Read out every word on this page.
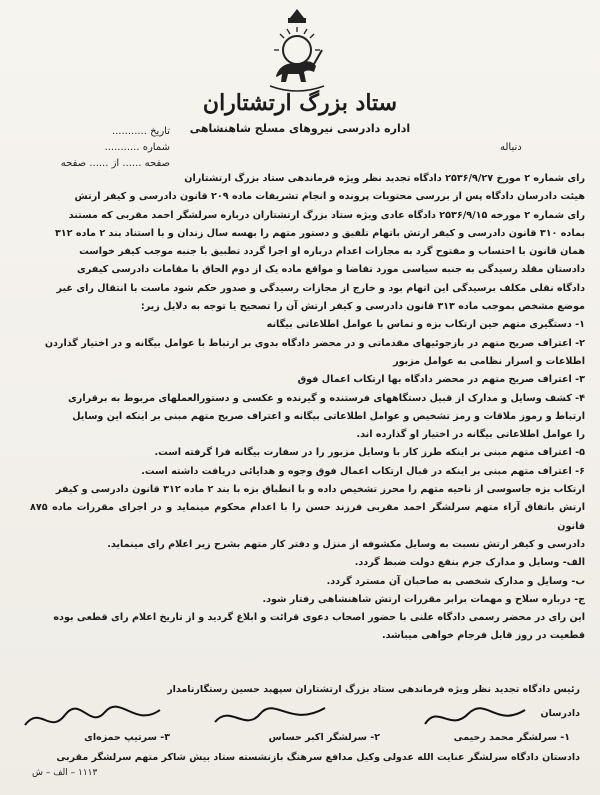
ستاد بزرگ ارتشتاران
اداره دادرسی نیروهای مسلح شاهنشاهی
تاریخ ...........
شماره ...........
صفحه ...... از ...... صفحه
دنباله

رای شماره ۲ مورخ ۲۵۳۶/۹/۲۷ دادگاه تجدید نظر ویژه فرماندهی ستاد بزرگ ارتشتاران

هیئت دادرسان دادگاه پس از بررسی محتویات پرونده و انجام تشریفات ماده ۲۰۹ قانون دادرسی و کیفر ارتش

رای شماره ۲ مورخه ۲۵۳۶/۹/۱۵ دادگاه عادی ویژه ستاد بزرگ ارتشتاران درباره سرلشگر احمد مقربی که مستند

بماده ۳۱۰ قانون دادرسی و کیفر ارتش باتهام تلفیق و دستور متهم را بهسه سال زندان و با استناد بند ۲ ماده ۳۱۲

همان قانون با احتساب و مفتوح گرد به مجازات اعدام درباره او اجرا گردد تطبیق با جنبه موجب کیفر خواست

دادستان مقلد رسیدگی به جنبه سیاسی مورد تقاضا و مواقع ماده یک از دوم الحاق با مقامات دادرسی کیفری

دادگاه نقلی مکلف برسیدگی این اتهام بود و خارج از مجازات رسیدگی و صدور حکم شود ماست با انتقال رای غیر

موضع مشخص بموجب ماده ۳۱۳ قانون دادرسی و کیفر ارتش آن را تصحیح یا توجه به دلایل زیر:

۱- دستگیری متهم حین ارتکاب بزه و تماس با عوامل اطلاعاتی بیگانه

۲- اعتراف صریح متهم در بازجوئیهای مقدماتی و در محضر دادگاه بدوی بر ارتباط با عوامل بیگانه و در اختیار گذاردن

اطلاعات و اسرار نظامی به عوامل مزبور

۳- اعتراف صریح متهم در محضر دادگاه بها ارتکاب اعمال فوق

۴- کشف وسایل و مدارک از قبیل دستگاههای فرستنده و گیرنده و عکسی و دستورالعملهای مربوط به برقراری

ارتباط و رموز ملاقات و رمز تشخیص و عوامل اطلاعاتی بیگانه و اعتراف صریح متهم مبنی بر اینکه این وسایل

را عوامل اطلاعاتی بیگانه در اختیار او گذارده اند.

۵- اعتراف متهم مبنی بر اینکه طرز کار با وسایل مزبور را در سفارت بیگانه فرا گرفته است.

۶- اعتراف متهم مبنی بر اینکه در قبال ارتکاب اعمال فوق وجوه و هدایائی دریافت داشته است.

ارتکاب بزه جاسوسی از ناحیه متهم را محرز تشخیص داده و با انطباق بزه با بند ۲ ماده ۳۱۲ قانون دادرسی و کیفر

ارتش باتفاق آراء متهم سرلشگر احمد مقربی فرزند حسن را با اعدام محکوم مینماید و در اجرای مقررات ماده ۸۷۵ قانون

دادرسی و کیفر ارتش نسبت به وسایل مکشوفه از منزل و دفتر کار متهم بشرح زیر اعلام رای مینماید.

الف- وسایل و مدارک جرم بنفع دولت ضبط گردد.

ب- وسایل و مدارک شخصی به صاحبان آن مسترد گردد.

ج- درباره سلاح و مهمات برابر مقررات ارتش شاهنشاهی رفتار شود.

این رای در محضر رسمی دادگاه علنی با حضور اصحاب دعوی قرائت و ابلاغ گردید و از تاریخ اعلام رای قطعی بوده

قطعیت در روز قابل فرجام خواهی میباشد.

رئیس دادگاه تجدید نظر ویژه فرماندهی ستاد بزرگ ارتشتاران سپهبد حسین رستگارنامدار
دادرسان
۱- سرلشگر محمد رحیمی
۲- سرلشگر اکبر حساس
۳- سرتیپ حمزه‌ای
دادستان دادگاه سرلشگر عنایت الله عدولی
وکیل مدافع سرهنگ بازنشسته ستاد بیش شاکر متهم سرلشگر مقربی
۱۱۱۳ – الف – ش
